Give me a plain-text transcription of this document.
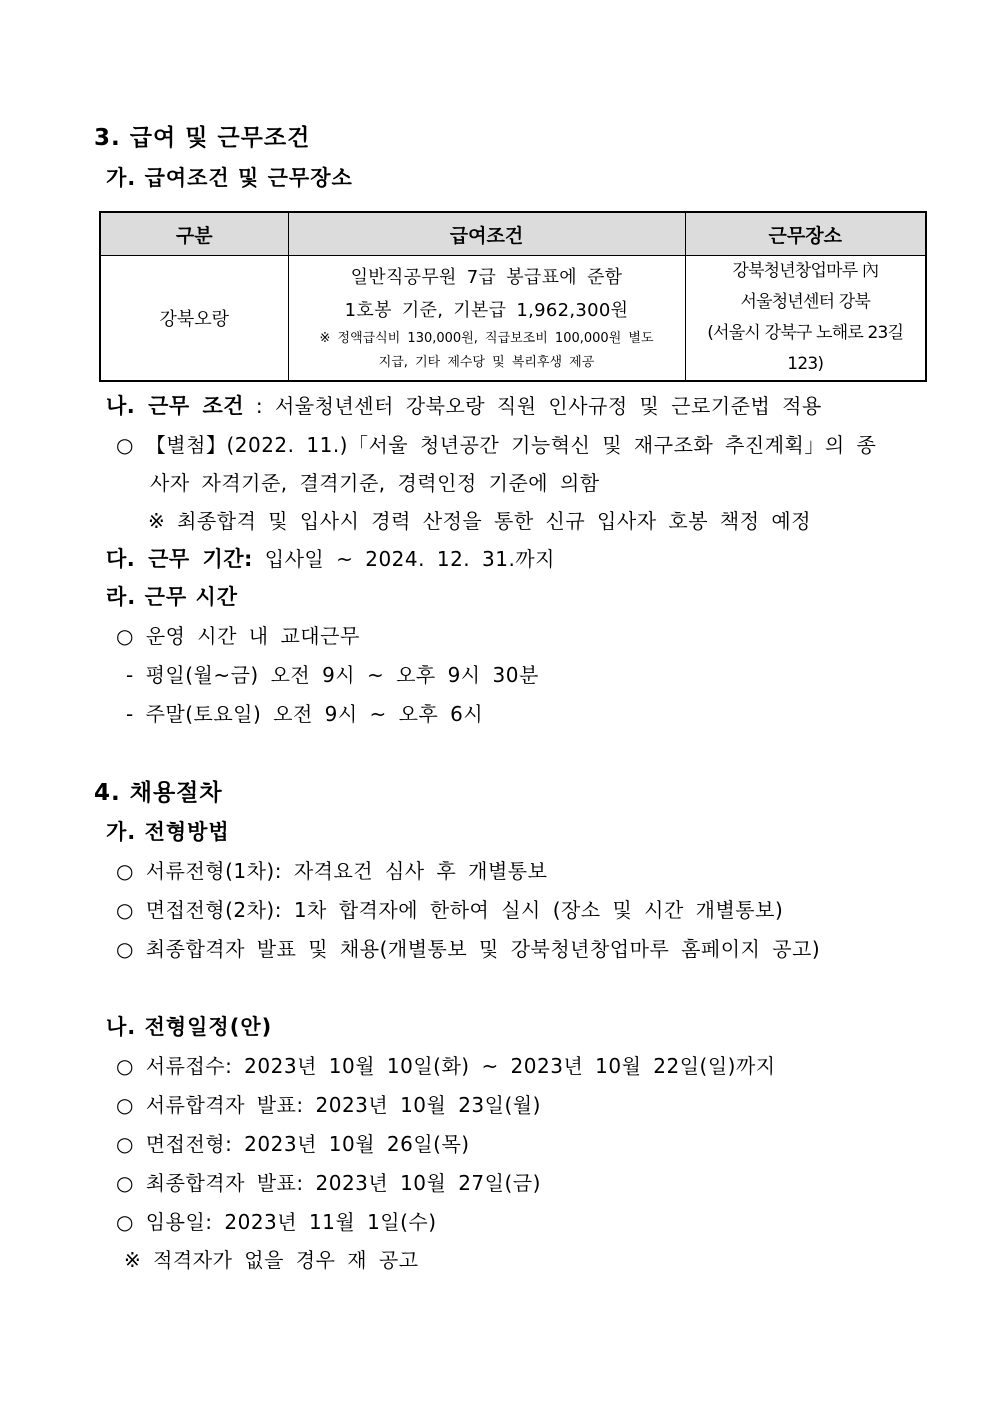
3. 급여 및 근무조건
가. 급여조건 및 근무장소
구분	급여조건	근무장소
강북오랑	일반직공무원 7급 봉급표에 준함
1호봉 기준, 기본급 1,962,300원
※ 정액급식비 130,000원, 직급보조비 100,000원 별도
지급, 기타 제수당 및 복리후생 제공	강북청년창업마루 內
서울청년센터 강북
(서울시 강북구 노해로 23길
123)
나. 근무 조건 : 서울청년센터 강북오랑 직원 인사규정 및 근로기준법 적용
○ 【별첨】(2022. 11.)「서울 청년공간 기능혁신 및 재구조화 추진계획」의 종
사자 자격기준, 결격기준, 경력인정 기준에 의함
※ 최종합격 및 입사시 경력 산정을 통한 신규 입사자 호봉 책정 예정
다. 근무 기간: 입사일 ~ 2024. 12. 31.까지
라. 근무 시간
○ 운영 시간 내 교대근무
- 평일(월~금) 오전 9시 ~ 오후 9시 30분
- 주말(토요일) 오전 9시 ~ 오후 6시
4. 채용절차
가. 전형방법
○ 서류전형(1차): 자격요건 심사 후 개별통보
○ 면접전형(2차): 1차 합격자에 한하여 실시 (장소 및 시간 개별통보)
○ 최종합격자 발표 및 채용(개별통보 및 강북청년창업마루 홈페이지 공고)
나. 전형일정(안)
○ 서류접수: 2023년 10월 10일(화) ~ 2023년 10월 22일(일)까지
○ 서류합격자 발표: 2023년 10월 23일(월)
○ 면접전형: 2023년 10월 26일(목)
○ 최종합격자 발표: 2023년 10월 27일(금)
○ 임용일: 2023년 11월 1일(수)
※ 적격자가 없을 경우 재 공고
